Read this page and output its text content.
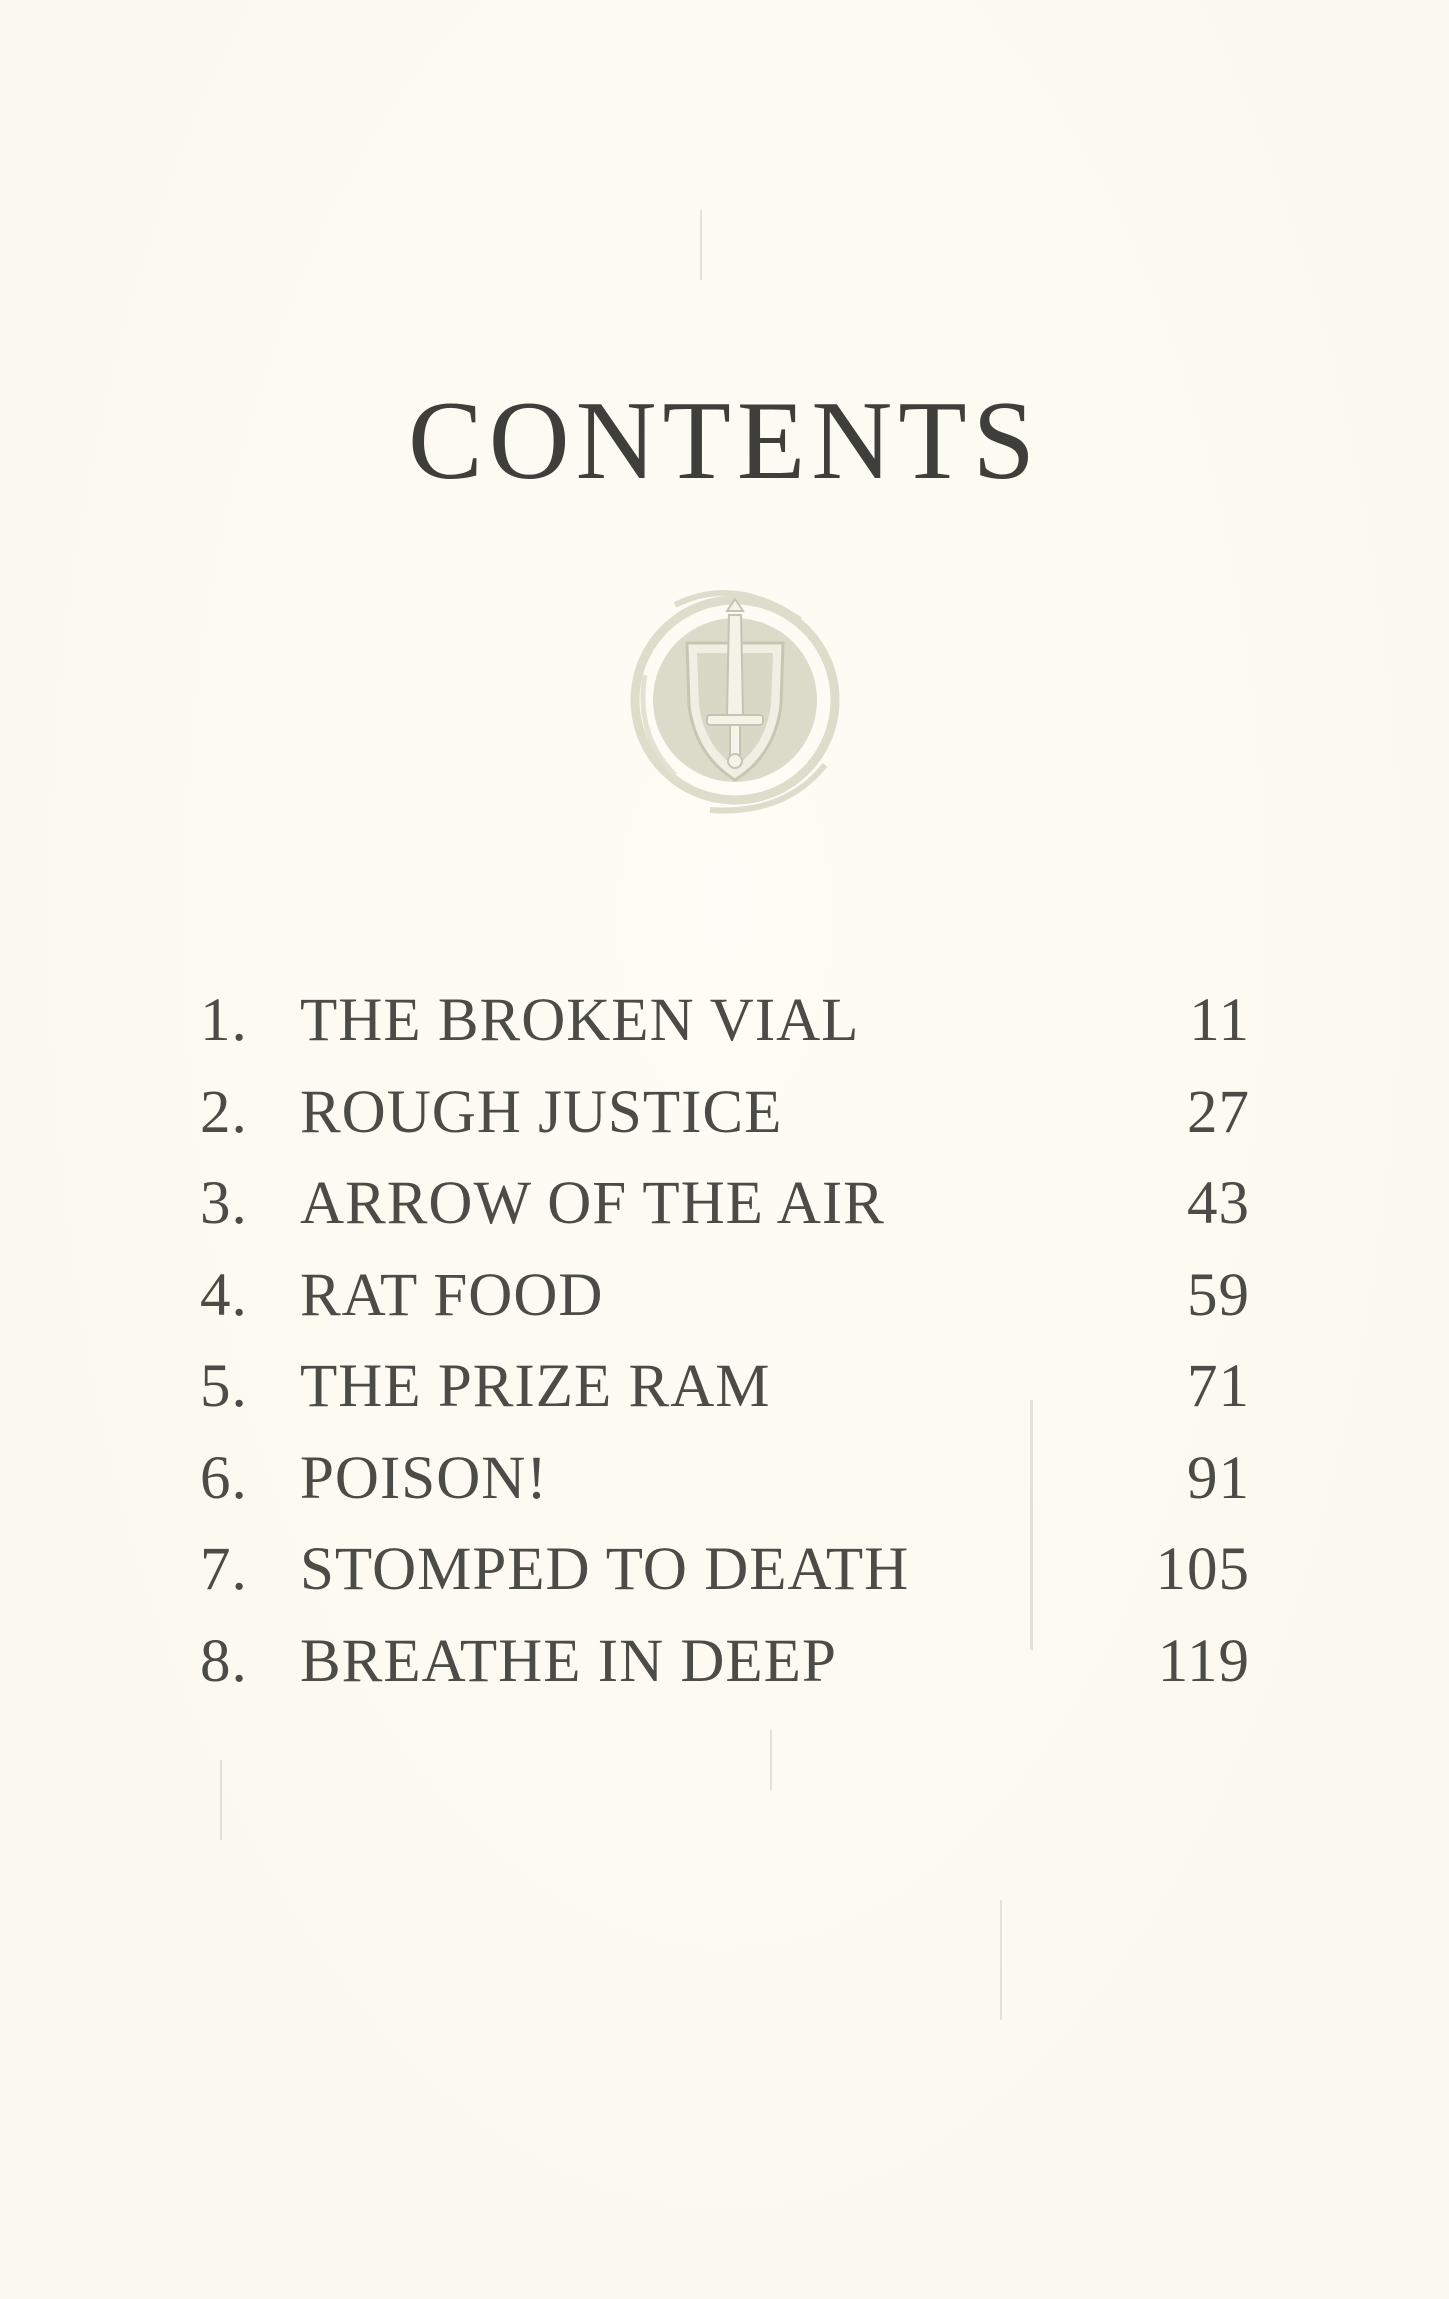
CONTENTS
1. THE BROKEN VIAL	11
2. ROUGH JUSTICE	27
3. ARROW OF THE AIR	43
4. RAT FOOD	59
5. THE PRIZE RAM	71
6. POISON!	91
7. STOMPED TO DEATH	105
8. BREATHE IN DEEP	119
